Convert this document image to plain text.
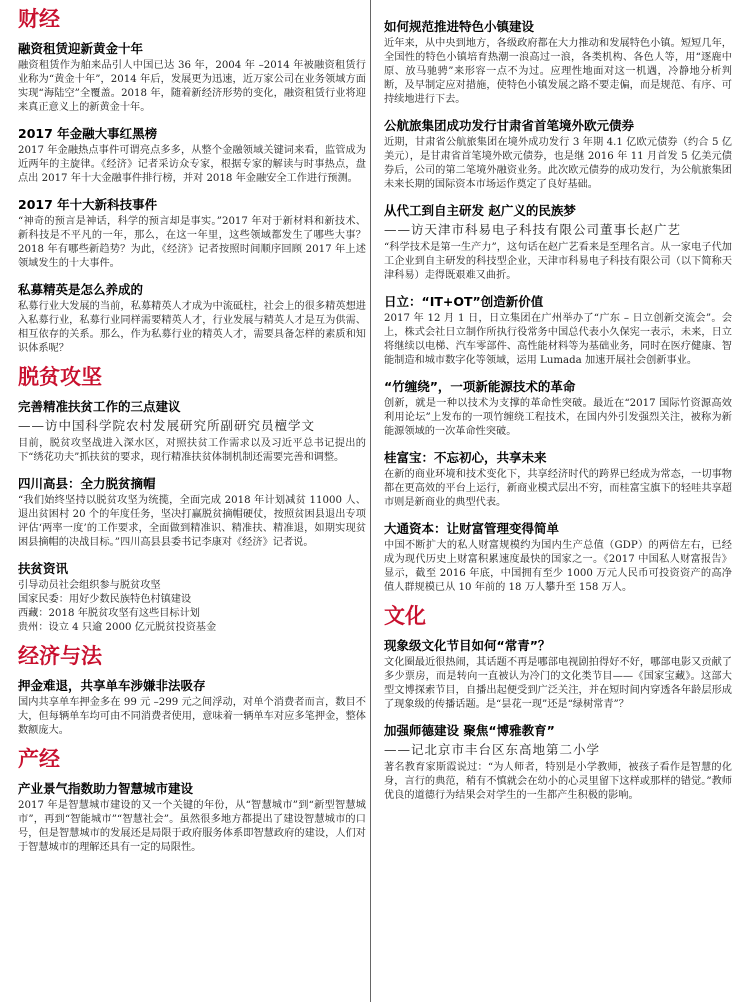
财经
融资租赁迎新黄金十年

融资租赁作为舶来品引人中国已达 36 年，2004 年 –2014 年被融资租赁行业称为“黄金十年”，2014 年后，发展更为迅速，近万家公司在业务领域方面实现“海陆空”全覆盖。2018 年，随着新经济形势的变化，融资租赁行业将迎来真正意义上的新黄金十年。

2017 年金融大事红黑榜

2017 年金融热点事件可谓亮点多多，从整个金融领域关键词来看，监管成为近两年的主旋律。《经济》记者采访众专家，根据专家的解读与时事热点，盘点出 2017 年十大金融事件排行榜，并对 2018 年金融安全工作进行预测。

2017 年十大新科技事件

“神奇的预言是神话，科学的预言却是事实。”2017 年对于新材料和新技术、新科技是不平凡的一年，那么，在这一年里，这些领域都发生了哪些大事？ 2018 年有哪些新趋势？为此，《经济》记者按照时间顺序回顾 2017 年上述领域发生的十大事件。

私募精英是怎么养成的

私募行业大发展的当前，私募精英人才成为中流砥柱，社会上的很多精英想进入私募行业，私募行业同样需要精英人才，行业发展与精英人才是互为供需、相互依存的关系。那么，作为私募行业的精英人才，需要具备怎样的素质和知识体系呢？

脱贫攻坚
完善精准扶贫工作的三点建议
——访中国科学院农村发展研究所副研究员檀学文

目前，脱贫攻坚战进入深水区，对照扶贫工作需求以及习近平总书记提出的下“绣花功夫”抓扶贫的要求，现行精准扶贫体制机制还需要完善和调整。

四川高县：全力脱贫摘帽

“我们始终坚持以脱贫攻坚为统揽，全面完成 2018 年计划减贫 11000 人、退出贫困村 20 个的年度任务，坚决打赢脱贫摘帽硬仗，按照贫困县退出专项评估‘两率一度’的工作要求，全面做到精准识、精准扶、精准退，如期实现贫困县摘帽的决战目标。”四川高县县委书记李康对《经济》记者说。

扶贫资讯
引导动员社会组织参与脱贫攻坚
国家民委：用好少数民族特色村镇建设
西藏：2018 年脱贫攻坚有这些目标计划
贵州：设立 4 只逾 2000 亿元脱贫投资基金
经济与法
押金难退，共享单车涉嫌非法吸存

国内共享单车押金多在 99 元 –299 元之间浮动，对单个消费者而言，数目不大，但每辆单车均可由不同消费者使用，意味着一辆单车对应多笔押金，整体数额庞大。

产经
产业景气指数助力智慧城市建设

2017 年是智慧城市建设的又一个关键的年份，从“智慧城市”到“新型智慧城市”，再到“智能城市”“智慧社会”。虽然很多地方都提出了建设智慧城市的口号，但是智慧城市的发展还是局限于政府服务体系即智慧政府的建设，人们对于智慧城市的理解还具有一定的局限性。

如何规范推进特色小镇建设

近年来，从中央到地方，各级政府都在大力推动和发展特色小镇。短短几年，全国性的特色小镇培育热潮一浪高过一浪，各类机构、各色人等，用“逐鹿中原、放马驰骋”来形容一点不为过。应理性地面对这一机遇，冷静地分析判断，及早制定应对措施，使特色小镇发展之路不要走偏，而是规范、有序、可持续地进行下去。

公航旅集团成功发行甘肃省首笔境外欧元债券

近期，甘肃省公航旅集团在境外成功发行 3 年期 4.1 亿欧元债券（约合 5 亿美元），是甘肃省首笔境外欧元债券，也是继 2016 年 11 月首发 5 亿美元债券后，公司的第二笔境外融资业务。此次欧元债券的成功发行，为公航旅集团未来长期的国际资本市场运作奠定了良好基础。

从代工到自主研发 赵广义的民族梦
——访天津市科易电子科技有限公司董事长赵广艺

“科学技术是第一生产力”，这句话在赵广艺看来是至理名言。从一家电子代加工企业到自主研发的科技型企业，天津市科易电子科技有限公司（以下简称天津科易）走得既艰难又曲折。

日立：“IT+OT”创造新价值

2017 年 12 月 1 日，日立集团在广州举办了“广东 – 日立创新交流会”。会上，株式会社日立制作所执行役常务中国总代表小久保宪一表示，未来，日立将继续以电梯、汽车零部件、高性能材料等为基础业务，同时在医疗健康、智能制造和城市数字化等领域，运用 Lumada 加速开展社会创新事业。

“竹缠绕”，一项新能源技术的革命

创新，就是一种以技术为支撑的革命性突破。最近在“2017 国际竹资源高效利用论坛”上发布的一项竹缠绕工程技术，在国内外引发强烈关注，被称为新能源领域的一次革命性突破。

桂富宝：不忘初心，共享未来

在新的商业环境和技术变化下，共享经济时代的跨界已经成为常态，一切事物都在更高效的平台上运行，新商业模式层出不穷，而桂富宝旗下的轻哇共享超市则是新商业的典型代表。

大通资本：让财富管理变得简单

中国不断扩大的私人财富规模约为国内生产总值（GDP）的两倍左右，已经成为现代历史上财富积累速度最快的国家之一。《2017 中国私人财富报告》显示，截至 2016 年底，中国拥有至少 1000 万元人民币可投资资产的高净值人群规模已从 10 年前的 18 万人攀升至 158 万人。

文化
现象级文化节目如何“常青”？

文化圈最近很热闹，其话题不再是哪部电视剧拍得好不好，哪部电影又贡献了多少票房，而是转向一直被认为冷门的文化类节目——《国家宝藏》。这部大型文博探索节目，自播出起便受到广泛关注，并在短时间内穿透各年龄层形成了现象级的传播话题。是“昙花一现”还是“绿树常青”？

加强师德建设 聚焦“博雅教育”
——记北京市丰台区东高地第二小学

著名教育家斯霞说过：“为人师者，特别是小学教师，被孩子看作是智慧的化身，言行的典范，稍有不慎就会在幼小的心灵里留下这样或那样的错觉。”教师优良的道德行为结果会对学生的一生都产生积极的影响。
